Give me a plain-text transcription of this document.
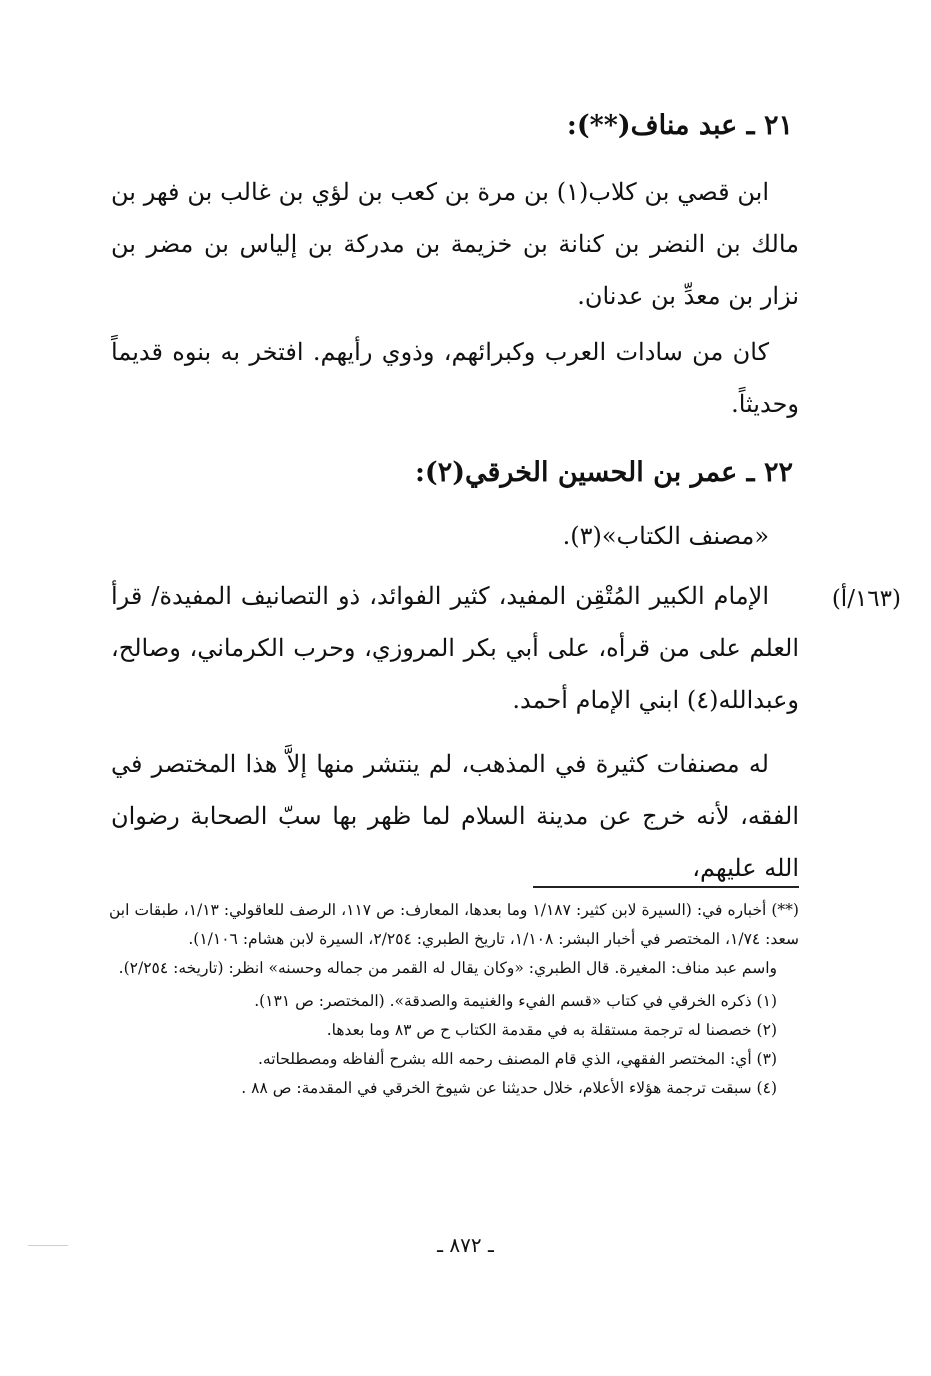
٢١ ـ عبد مناف(**):

ابن قصي بن كلاب(١) بن مرة بن كعب بن لؤي بن غالب بن فهر بن مالك بن النضر بن كنانة بن خزيمة بن مدركة بن إلياس بن مضر بن نزار بن معدِّ بن عدنان.

كان من سادات العرب وكبرائهم، وذوي رأيهم. افتخر به بنوه قديماً وحديثاً.

٢٢ ـ عمر بن الحسين الخرقي(٢):
«مصنف الكتاب»(٣).
(١٦٣/أ)

الإمام الكبير المُتْقِن المفيد، كثير الفوائد، ذو التصانيف المفيدة/ قرأ العلم على من قرأه، على أبي بكر المروزي، وحرب الكرماني، وصالح، وعبدالله(٤) ابني الإمام أحمد.

له مصنفات كثيرة في المذهب، لم ينتشر منها إلاَّ هذا المختصر في الفقه، لأنه خرج عن مدينة السلام لما ظهر بها سبّ الصحابة رضوان الله عليهم،

(**) أخباره في: (السيرة لابن كثير: ١/١٨٧ وما بعدها، المعارف: ص ١١٧، الرصف للعاقولي: ١/١٣، طبقات ابن سعد: ١/٧٤، المختصر في أخبار البشر: ١/١٠٨، تاريخ الطبري: ٢/٢٥٤، السيرة لابن هشام: ١/١٠٦).

واسم عبد مناف: المغيرة. قال الطبري: «وكان يقال له القمر من جماله وحسنه» انظر: (تاريخه: ٢/٢٥٤).

(١) ذكره الخرقي في كتاب «قسم الفيء والغنيمة والصدقة». (المختصر: ص ١٣١).

(٢) خصصنا له ترجمة مستقلة به في مقدمة الكتاب ح ص ٨٣ وما بعدها.

(٣) أي: المختصر الفقهي، الذي قام المصنف رحمه الله بشرح ألفاظه ومصطلحاته.

(٤) سبقت ترجمة هؤلاء الأعلام، خلال حديثنا عن شيوخ الخرقي في المقدمة: ص ٨٨ .

ـ ٨٧٢ ـ
